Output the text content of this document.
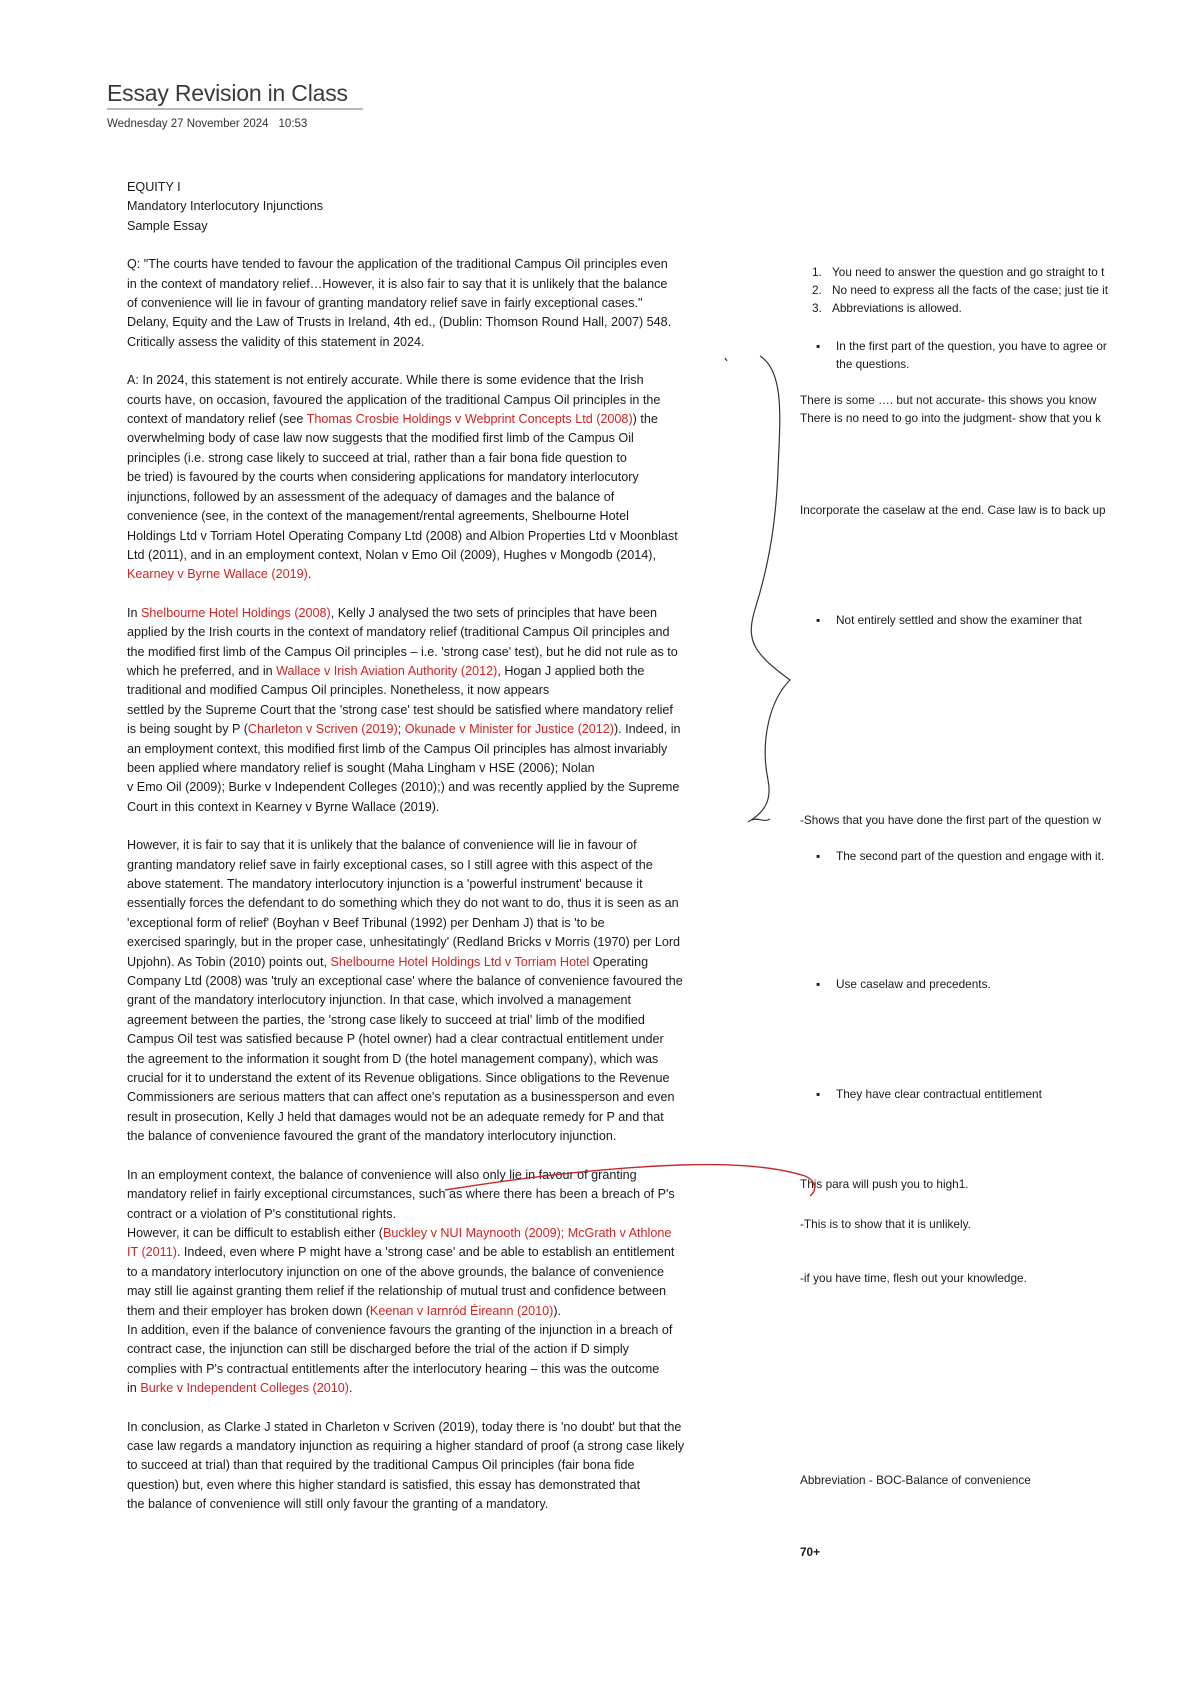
Essay Revision in Class
Wednesday 27 November 2024 10:53

EQUITY I
Mandatory Interlocutory Injunctions
Sample Essay

Q: "The courts have tended to favour the application of the traditional Campus Oil principles even
in the context of mandatory relief…However, it is also fair to say that it is unlikely that the balance
of convenience will lie in favour of granting mandatory relief save in fairly exceptional cases."
Delany, Equity and the Law of Trusts in Ireland, 4th ed., (Dublin: Thomson Round Hall, 2007) 548.
Critically assess the validity of this statement in 2024.

A: In 2024, this statement is not entirely accurate. While there is some evidence that the Irish
courts have, on occasion, favoured the application of the traditional Campus Oil principles in the
context of mandatory relief (see Thomas Crosbie Holdings v Webprint Concepts Ltd (2008)) the
overwhelming body of case law now suggests that the modified first limb of the Campus Oil
principles (i.e. strong case likely to succeed at trial, rather than a fair bona fide question to
be tried) is favoured by the courts when considering applications for mandatory interlocutory
injunctions, followed by an assessment of the adequacy of damages and the balance of
convenience (see, in the context of the management/rental agreements, Shelbourne Hotel
Holdings Ltd v Torriam Hotel Operating Company Ltd (2008) and Albion Properties Ltd v Moonblast
Ltd (2011), and in an employment context, Nolan v Emo Oil (2009), Hughes v Mongodb (2014),
Kearney v Byrne Wallace (2019).

In Shelbourne Hotel Holdings (2008), Kelly J analysed the two sets of principles that have been
applied by the Irish courts in the context of mandatory relief (traditional Campus Oil principles and
the modified first limb of the Campus Oil principles – i.e. 'strong case' test), but he did not rule as to
which he preferred, and in Wallace v Irish Aviation Authority (2012), Hogan J applied both the
traditional and modified Campus Oil principles. Nonetheless, it now appears
settled by the Supreme Court that the 'strong case' test should be satisfied where mandatory relief
is being sought by P (Charleton v Scriven (2019); Okunade v Minister for Justice (2012)). Indeed, in
an employment context, this modified first limb of the Campus Oil principles has almost invariably
been applied where mandatory relief is sought (Maha Lingham v HSE (2006); Nolan
v Emo Oil (2009); Burke v Independent Colleges (2010);) and was recently applied by the Supreme
Court in this context in Kearney v Byrne Wallace (2019).

However, it is fair to say that it is unlikely that the balance of convenience will lie in favour of
granting mandatory relief save in fairly exceptional cases, so I still agree with this aspect of the
above statement. The mandatory interlocutory injunction is a 'powerful instrument' because it
essentially forces the defendant to do something which they do not want to do, thus it is seen as an
'exceptional form of relief' (Boyhan v Beef Tribunal (1992) per Denham J) that is 'to be
exercised sparingly, but in the proper case, unhesitatingly' (Redland Bricks v Morris (1970) per Lord
Upjohn). As Tobin (2010) points out, Shelbourne Hotel Holdings Ltd v Torriam Hotel Operating
Company Ltd (2008) was 'truly an exceptional case' where the balance of convenience favoured the
grant of the mandatory interlocutory injunction. In that case, which involved a management
agreement between the parties, the 'strong case likely to succeed at trial' limb of the modified
Campus Oil test was satisfied because P (hotel owner) had a clear contractual entitlement under
the agreement to the information it sought from D (the hotel management company), which was
crucial for it to understand the extent of its Revenue obligations. Since obligations to the Revenue
Commissioners are serious matters that can affect one's reputation as a businessperson and even
result in prosecution, Kelly J held that damages would not be an adequate remedy for P and that
the balance of convenience favoured the grant of the mandatory interlocutory injunction.

In an employment context, the balance of convenience will also only lie in favour of granting
mandatory relief in fairly exceptional circumstances, such as where there has been a breach of P's
contract or a violation of P's constitutional rights.
However, it can be difficult to establish either (Buckley v NUI Maynooth (2009); McGrath v Athlone
IT (2011). Indeed, even where P might have a 'strong case' and be able to establish an entitlement
to a mandatory interlocutory injunction on one of the above grounds, the balance of convenience
may still lie against granting them relief if the relationship of mutual trust and confidence between
them and their employer has broken down (Keenan v Iarnród Éireann (2010)).
In addition, even if the balance of convenience favours the granting of the injunction in a breach of
contract case, the injunction can still be discharged before the trial of the action if D simply
complies with P's contractual entitlements after the interlocutory hearing – this was the outcome
in Burke v Independent Colleges (2010).

In conclusion, as Clarke J stated in Charleton v Scriven (2019), today there is 'no doubt' but that the
case law regards a mandatory injunction as requiring a higher standard of proof (a strong case likely
to succeed at trial) than that required by the traditional Campus Oil principles (fair bona fide
question) but, even where this higher standard is satisfied, this essay has demonstrated that
the balance of convenience will still only favour the granting of a mandatory.

1. You need to answer the question and go straight to t
2. No need to express all the facts of the case; just tie it
3. Abbreviations is allowed.
▪ In the first part of the question, you have to agree or
the questions.
There is some …. but not accurate- this shows you know
There is no need to go into the judgment- show that you k
Incorporate the caselaw at the end. Case law is to back up
▪ Not entirely settled and show the examiner that
-Shows that you have done the first part of the question w
▪ The second part of the question and engage with it.
▪ Use caselaw and precedents.
▪ They have clear contractual entitlement
This para will push you to high1.
-This is to show that it is unlikely.
-if you have time, flesh out your knowledge.
Abbreviation - BOC-Balance of convenience
70+
